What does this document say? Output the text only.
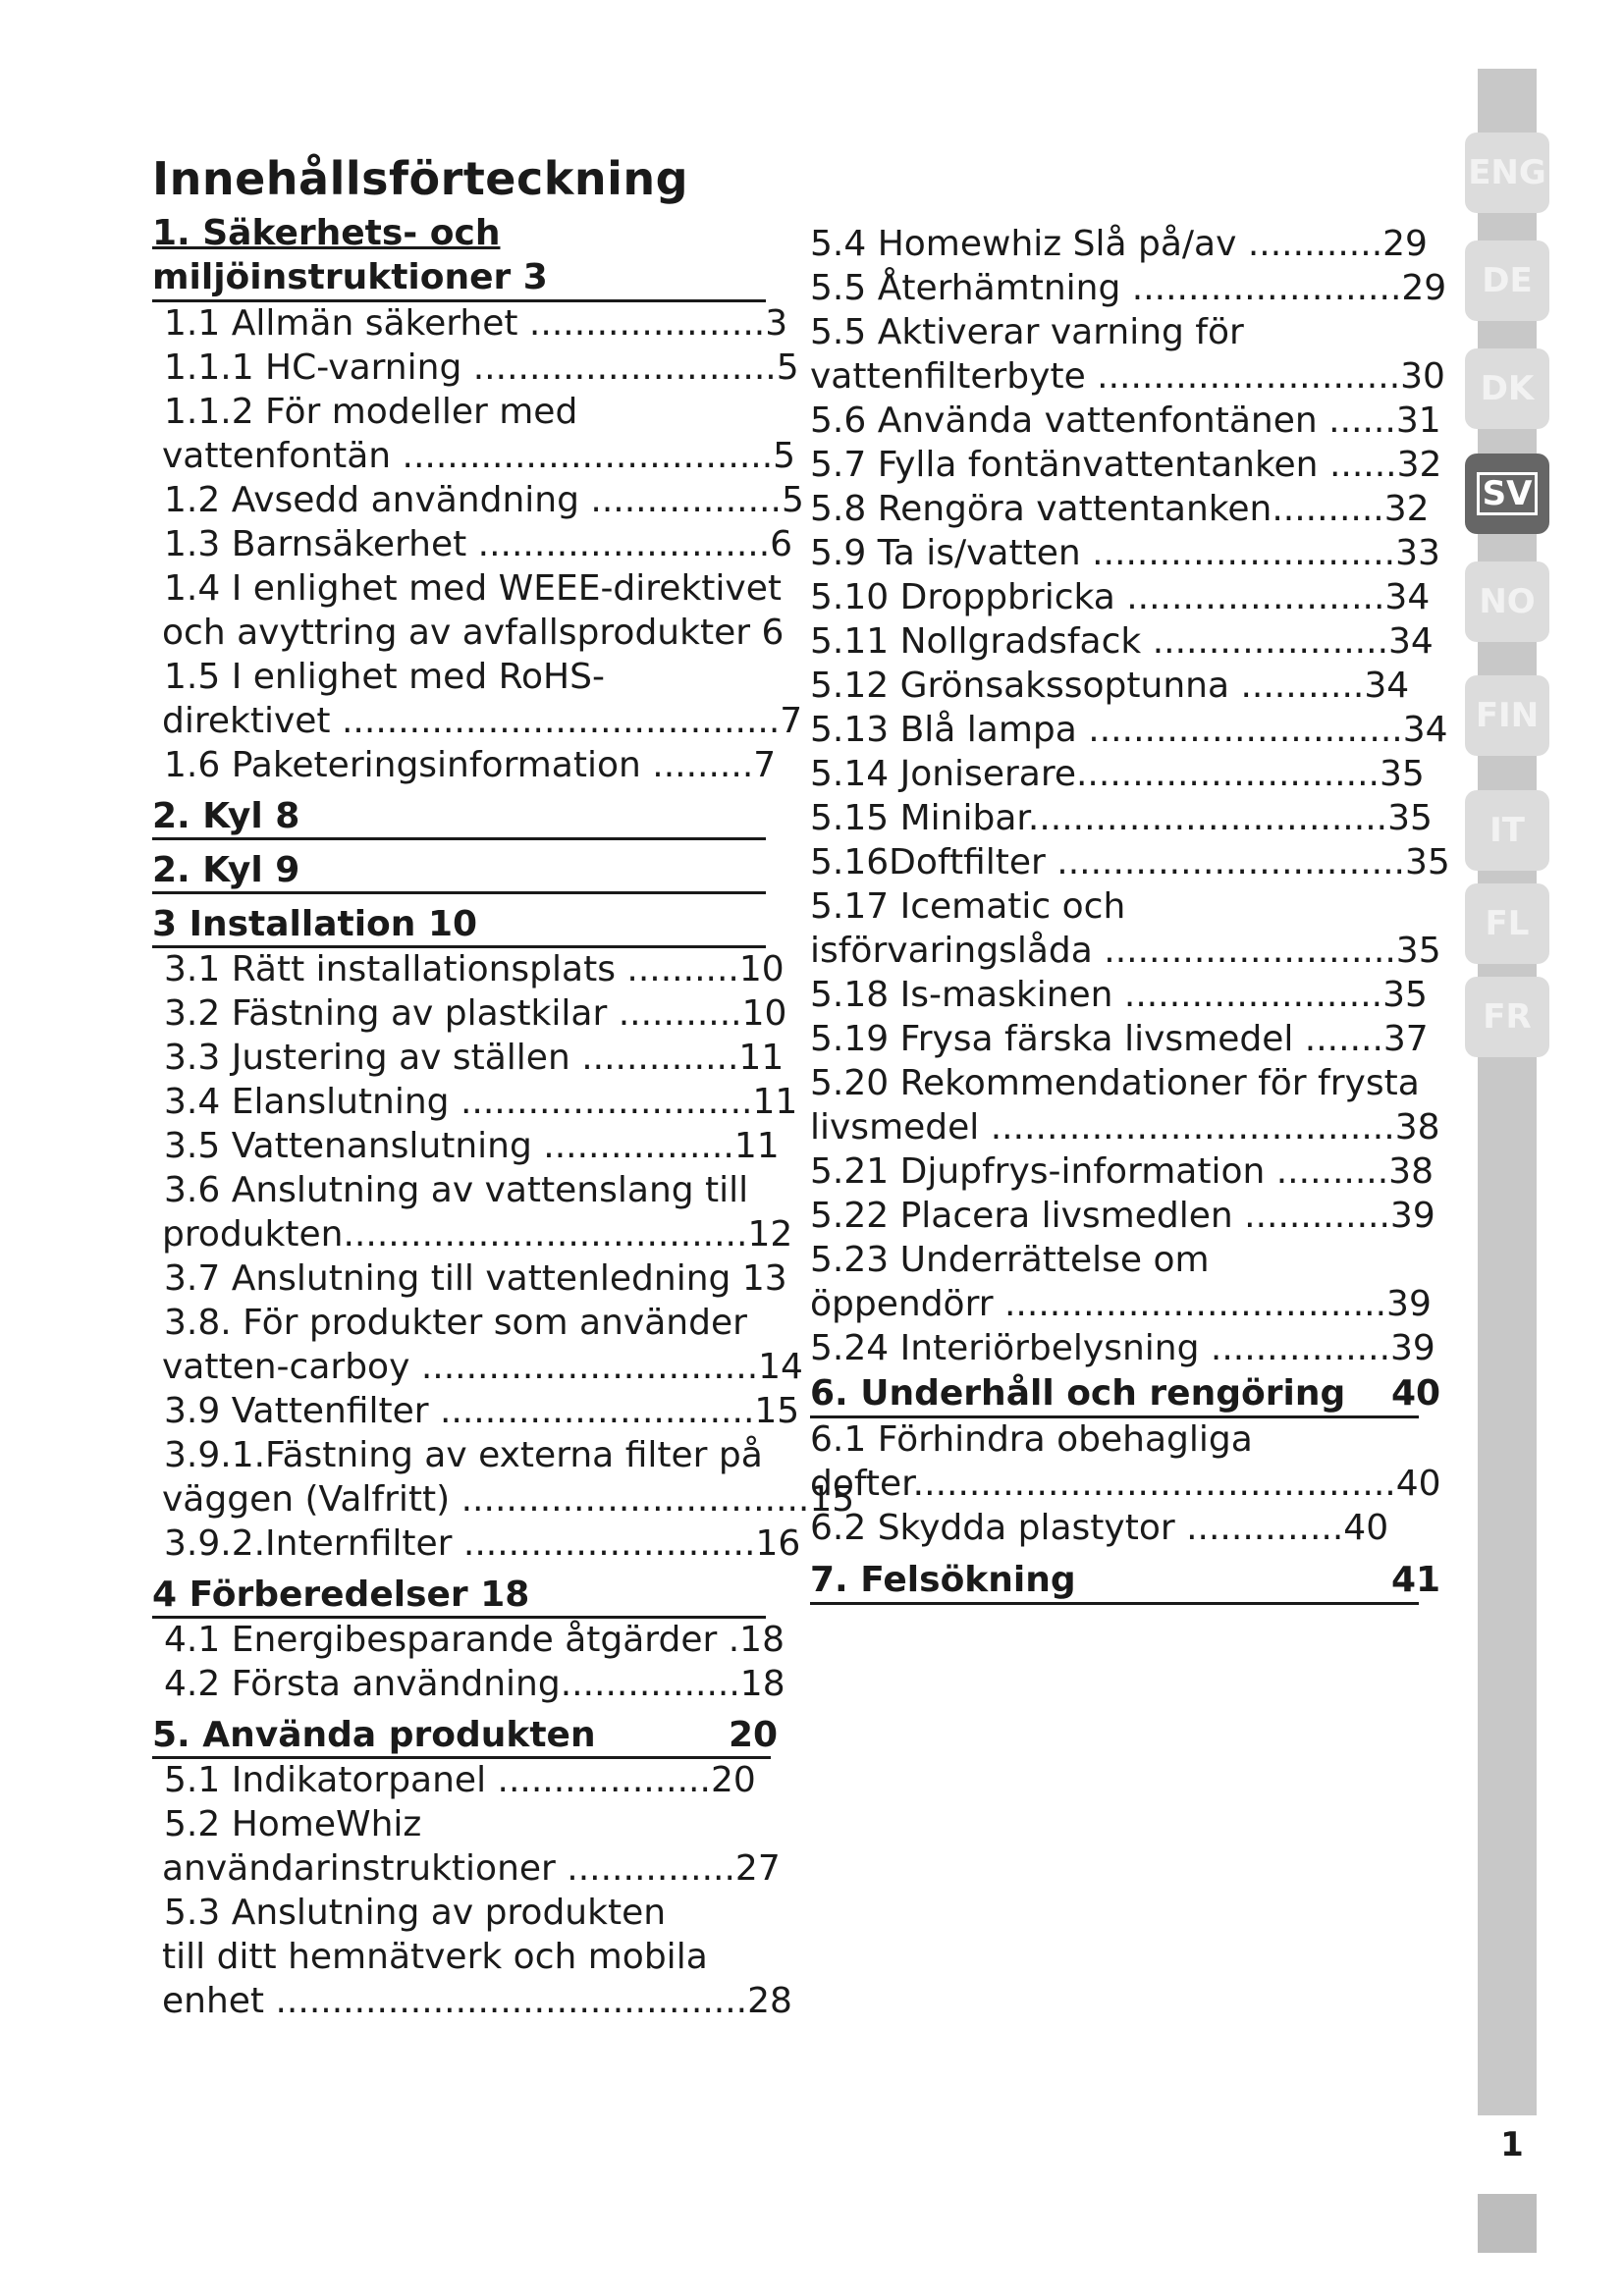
Innehållsförteckning
1. Säkerhets- och
miljöinstruktioner 3
1.1 Allmän säkerhet .....................3
1.1.1 HC-varning ...........................5
1.1.2 För modeller med
vattenfontän .................................5
1.2 Avsedd användning .................5
1.3 Barnsäkerhet ..........................6
1.4 I enlighet med WEEE-direktivet
och avyttring av avfallsprodukter 6
1.5 I enlighet med RoHS-
direktivet .......................................7
1.6 Paketeringsinformation .........7
2. Kyl 8
2. Kyl 9
3 Installation 10
3.1 Rätt installationsplats ..........10
3.2 Fästning av plastkilar ...........10
3.3 Justering av ställen ..............11
3.4 Elanslutning ..........................11
3.5 Vattenanslutning .................11
3.6 Anslutning av vattenslang till
produkten....................................12
3.7 Anslutning till vattenledning 13
3.8. För produkter som använder
vatten-carboy ..............................14
3.9 Vattenfilter ............................15
3.9.1.Fästning av externa filter på
väggen (Valfritt) ...............................15
3.9.2.Internfilter ..........................16
4 Förberedelser 18
4.1 Energibesparande åtgärder .18
4.2 Första användning................18
5. Använda produkten	20
5.1 Indikatorpanel ...................20
5.2 HomeWhiz
användarinstruktioner ...............27
5.3 Anslutning av produkten
till ditt hemnätverk och mobila
enhet ..........................................28
5.4 Homewhiz Slå på/av ............29
5.5 Återhämtning ........................29
5.5 Aktiverar varning för
vattenfilterbyte ...........................30
5.6 Använda vattenfontänen ......31
5.7 Fylla fontänvattentanken ......32
5.8 Rengöra vattentanken..........32
5.9 Ta is/vatten ...........................33
5.10 Droppbricka .......................34
5.11 Nollgradsfack .....................34
5.12 Grönsakssoptunna ...........34
5.13 Blå lampa ............................34
5.14 Joniserare...........................35
5.15 Minibar................................35
5.16Doftfilter ...............................35
5.17 Icematic och
isförvaringslåda ..........................35
5.18 Is-maskinen .......................35
5.19 Frysa färska livsmedel .......37
5.20 Rekommendationer för frysta
livsmedel ....................................38
5.21 Djupfrys-information ..........38
5.22 Placera livsmedlen .............39
5.23 Underrättelse om
öppendörr ..................................39
5.24 Interiörbelysning ................39
6. Underhåll och rengöring 40
6.1 Förhindra obehagliga
dofter...........................................40
6.2 Skydda plastytor ..............40
7. Felsökning	41
ENG
DE
DK
SV
NO
FIN
IT
FL
FR
1
